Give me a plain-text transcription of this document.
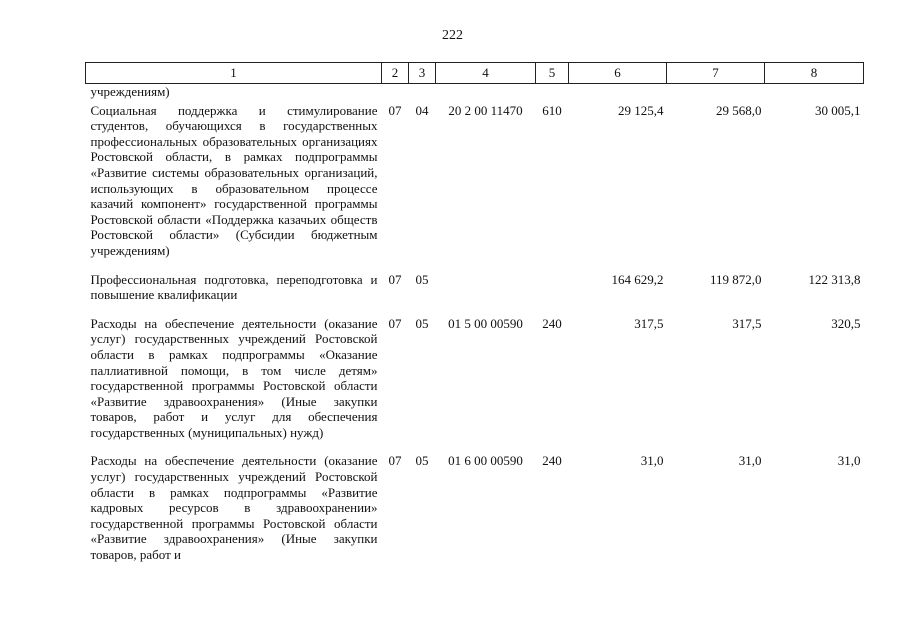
222
1	2	3	4	5	6	7	8
учреждениям)							
Социальная поддержка и стимулирование студентов, обучающихся в государственных профессиональных образовательных организациях Ростовской области, в рамках подпрограммы «Развитие системы образовательных организаций, использующих в образовательном процессе казачий компонент» государственной программы Ростовской области «Поддержка казачьих обществ Ростовской области» (Субсидии бюджетным учреждениям)	07	04	20 2 00 11470	610	29 125,4	29 568,0	30 005,1
Профессиональная подготовка, переподготовка и повышение квалификации	07	05			164 629,2	119 872,0	122 313,8
Расходы на обеспечение деятельности (оказание услуг) государственных учреждений Ростовской области в рамках подпрограммы «Оказание паллиативной помощи, в том числе детям» государственной программы Ростовской области «Развитие здравоохранения» (Иные закупки товаров, работ и услуг для обеспечения государственных (муниципальных) нужд)	07	05	01 5 00 00590	240	317,5	317,5	320,5
Расходы на обеспечение деятельности (оказание услуг) государственных учреждений Ростовской области в рамках подпрограммы «Развитие кадровых ресурсов в здравоохранении» государственной программы Ростовской области «Развитие здравоохранения» (Иные закупки товаров, работ и	07	05	01 6 00 00590	240	31,0	31,0	31,0
